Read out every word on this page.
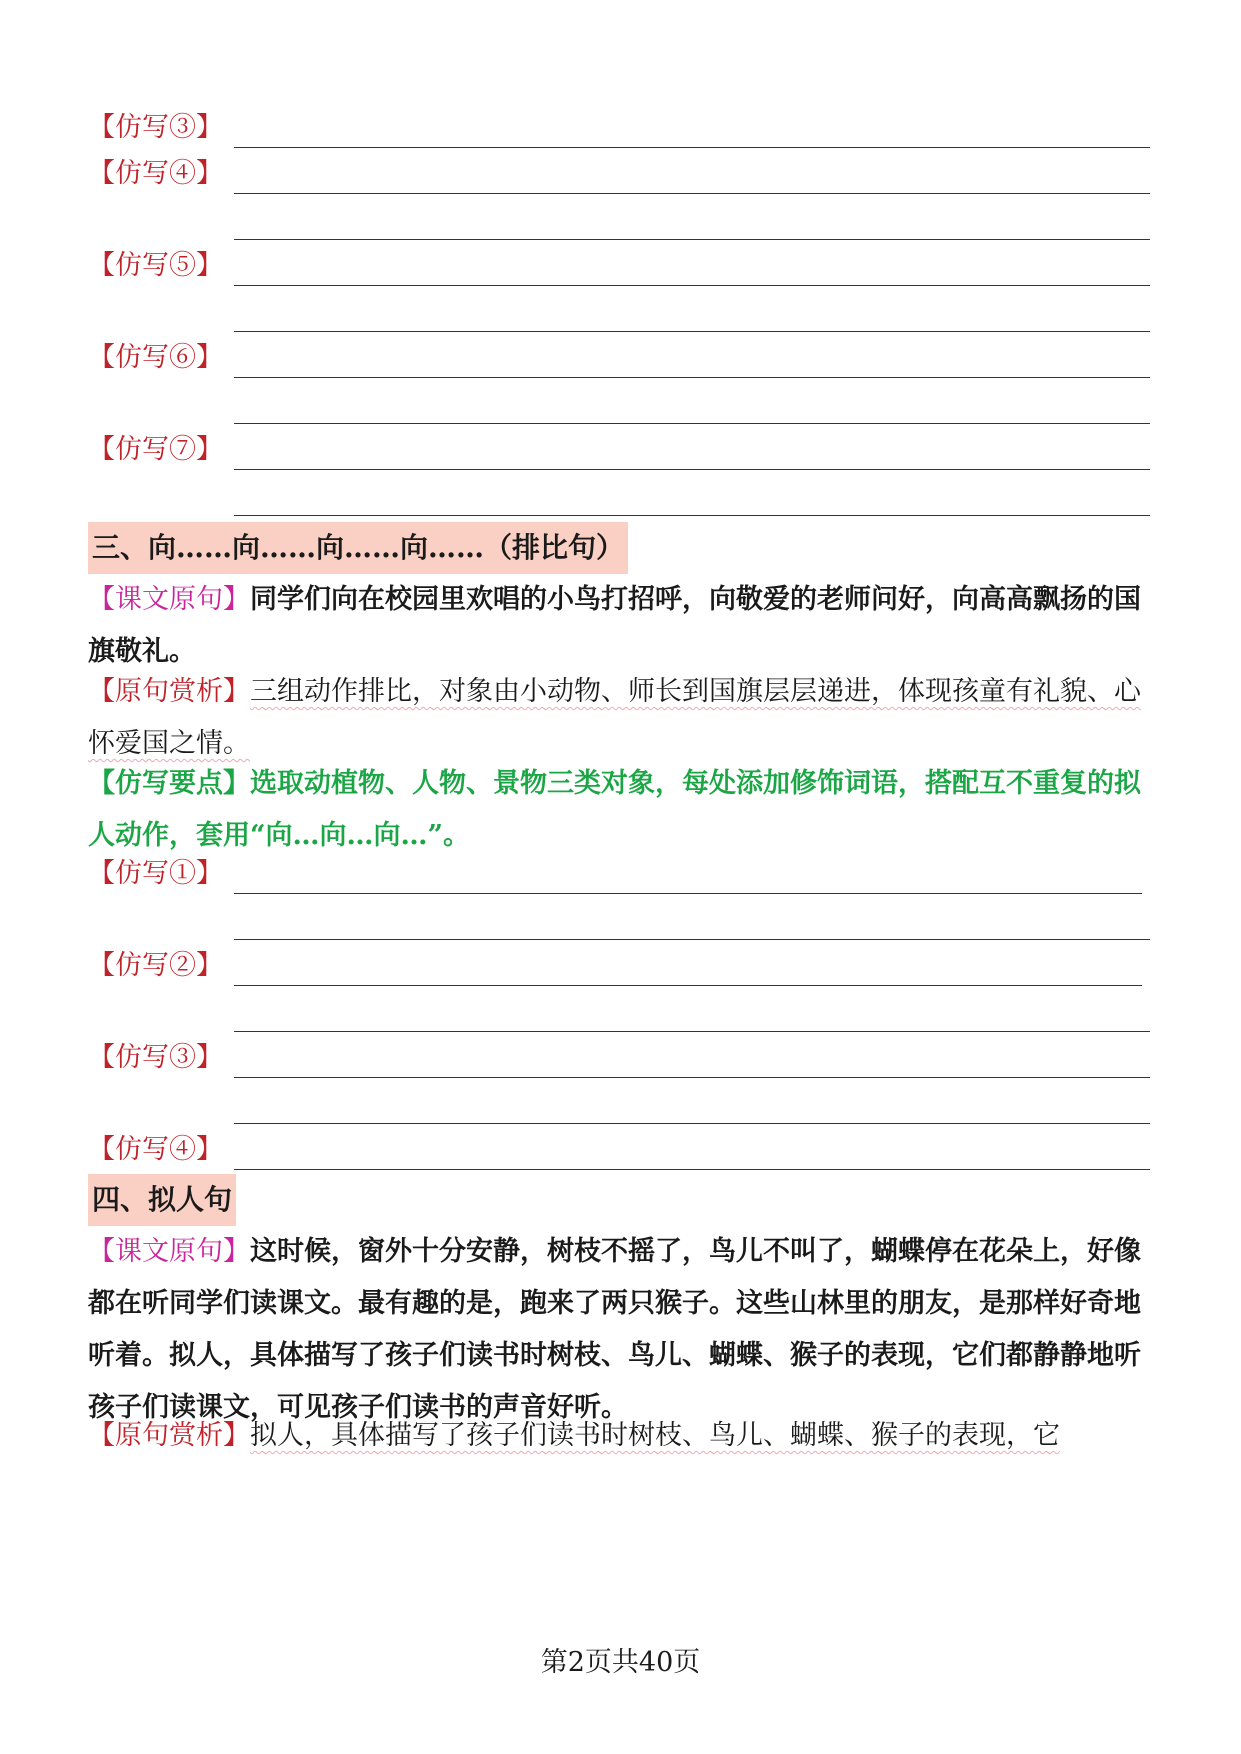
【仿写③】
【仿写④】
【仿写⑤】
【仿写⑥】
【仿写⑦】
三、向……向……向……向……（排比句）

【课文原句】同学们向在校园里欢唱的小鸟打招呼，向敬爱的老师问好，向高高飘扬的国旗敬礼。

【原句赏析】三组动作排比，对象由小动物、师长到国旗层层递进，体现孩童有礼貌、心怀爱国之情。

【仿写要点】选取动植物、人物、景物三类对象，每处添加修饰词语，搭配互不重复的拟人动作，套用“向…向…向…”。

【仿写①】
【仿写②】
【仿写③】
【仿写④】
四、拟人句

【课文原句】这时候，窗外十分安静，树枝不摇了，鸟儿不叫了，蝴蝶停在花朵上，好像都在听同学们读课文。最有趣的是，跑来了两只猴子。这些山林里的朋友，是那样好奇地听着。拟人，具体描写了孩子们读书时树枝、鸟儿、蝴蝶、猴子的表现，它们都静静地听孩子们读课文，可见孩子们读书的声音好听。

【原句赏析】拟人，具体描写了孩子们读书时树枝、鸟儿、蝴蝶、猴子的表现，它

第2页共40页
